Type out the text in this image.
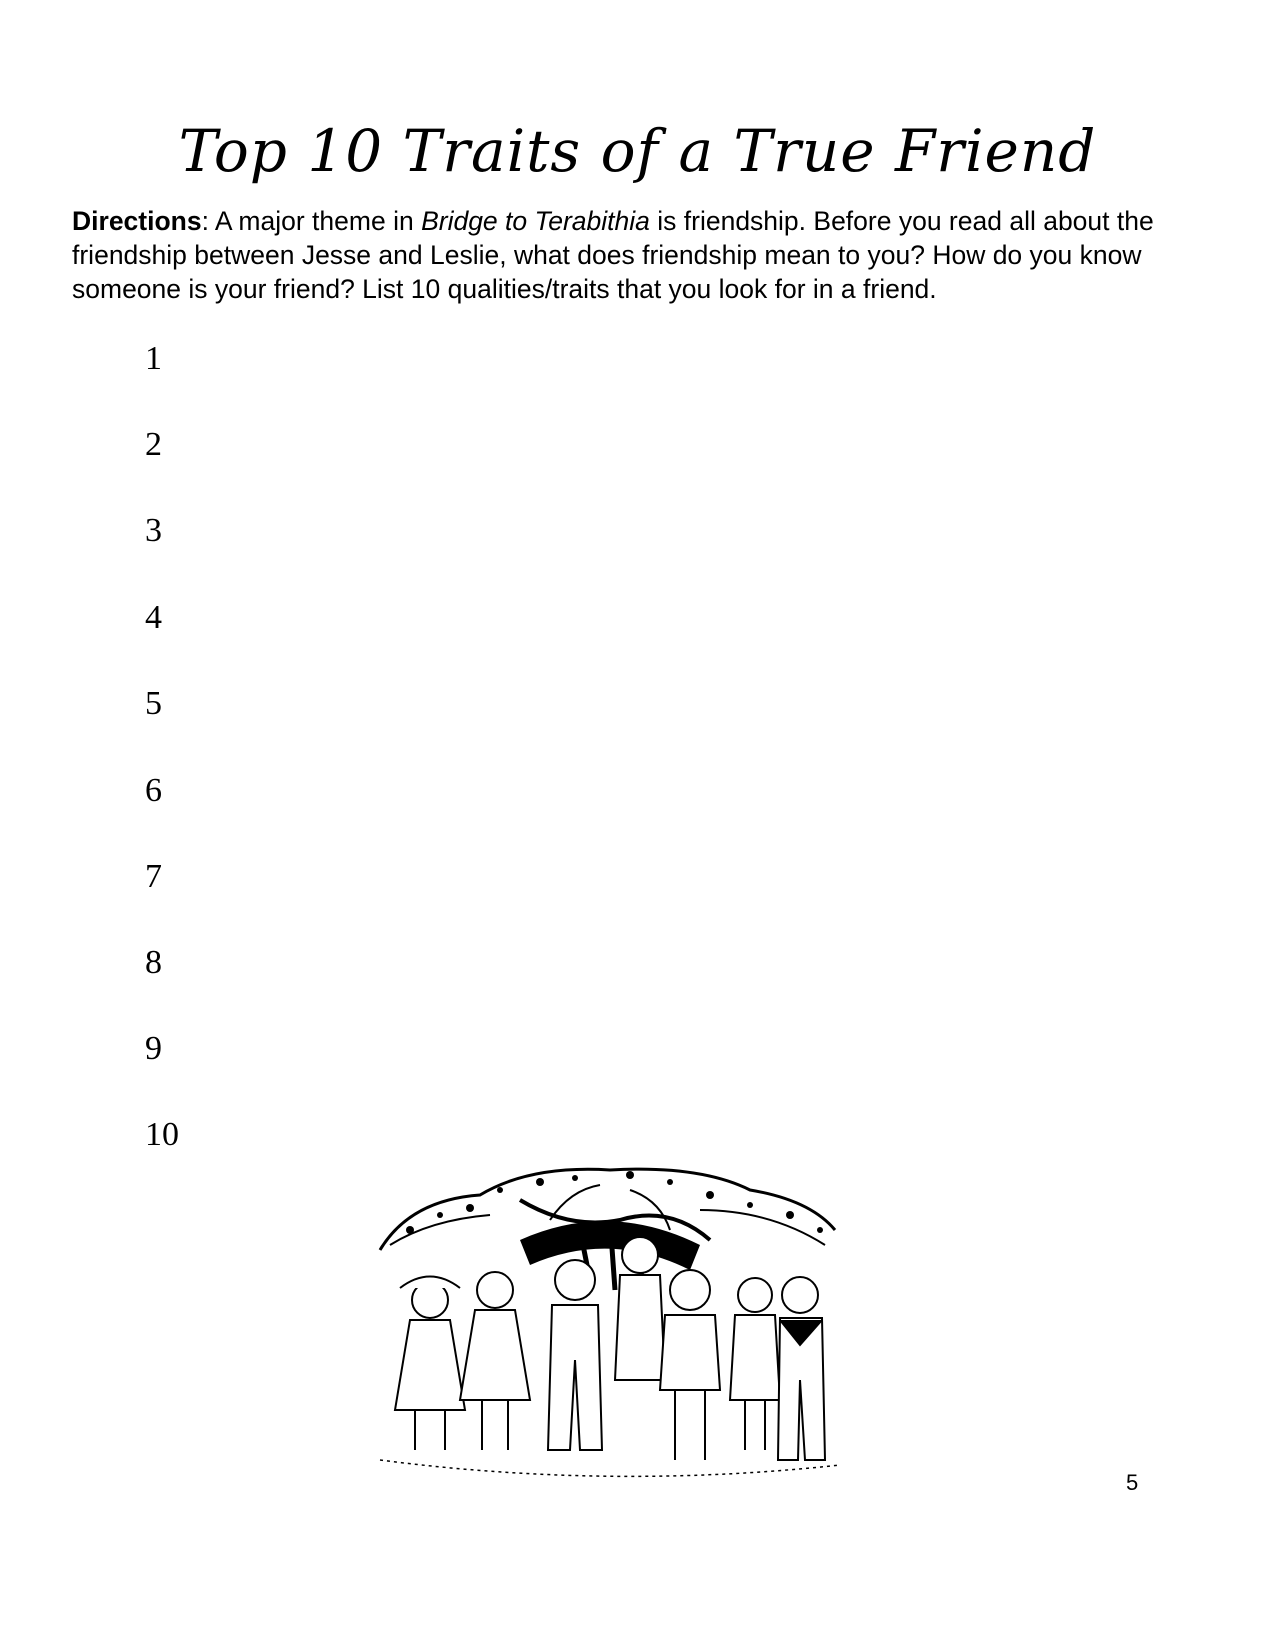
Top 10 Traits of a True Friend

Directions: A major theme in Bridge to Terabithia is friendship. Before you read all about the friendship between Jesse and Leslie, what does friendship mean to you? How do you know someone is your friend? List 10 qualities/traits that you look for in a friend.

1
2
3
4
5
6
7
8
9
10
5
